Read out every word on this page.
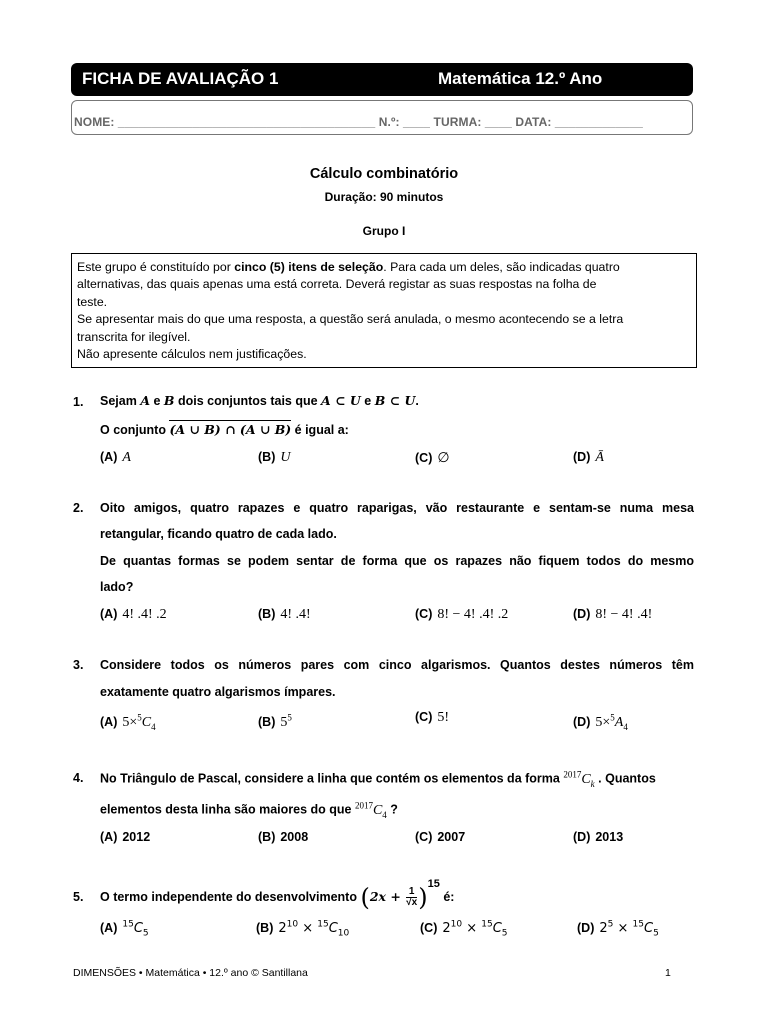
FICHA DE AVALIAÇÃO 1	Matemática 12.º Ano
NOME: ______________________________________ N.º: ____ TURMA: ____ DATA: _____________
Cálculo combinatório
Duração: 90 minutos
Grupo I

Este grupo é constituído por cinco (5) itens de seleção. Para cada um deles, são indicadas quatro

alternativas, das quais apenas uma está correta. Deverá registar as suas respostas na folha de

teste.

Se apresentar mais do que uma resposta, a questão será anulada, o mesmo acontecendo se a letra

transcrita for ilegível.

Não apresente cálculos nem justificações.

1. Sejam A e B dois conjuntos tais que A ⊂ U e B ⊂ U.
O conjunto (A ∪ B) ∩ (A ∪ B) é igual a:
(A) A	(B) U	(C) ∅	(D) Ā
2. Oito amigos, quatro rapazes e quatro raparigas, vão restaurante e sentam-se numa mesa
retangular, ficando quatro de cada lado.
De quantas formas se podem sentar de forma que os rapazes não fiquem todos do mesmo
lado?
(A) 4! .4! .2	(B) 4! .4!	(C) 8! − 4! .4! .2	(D) 8! − 4! .4!
3. Considere todos os números pares com cinco algarismos. Quantos destes números têm
exatamente quatro algarismos ímpares.
(A) $5\times^5C_4$	(B) $5^5$	(C) 5!	(D) $5\times^5A_4$
4. No Triângulo de Pascal, considere a linha que contém os elementos da forma $^{2017}C_k$ . Quantos
elementos desta linha são maiores do que $^{2017}C_4$ ?
(A) 2012	(B) 2008	(C) 2007	(D) 2013
5. O termo independente do desenvolvimento $(2x + \frac{1}{√x} )^{15}$ é:
(A) $^{15}C_5$	(B) $2^{10} \times ^{15}C_{10}$	(C) $2^{10} \times ^{15}C_5$	(D) $2^5 \times ^{15}C_5$
DIMENSÕES • Matemática • 12.º ano © Santillana	1
